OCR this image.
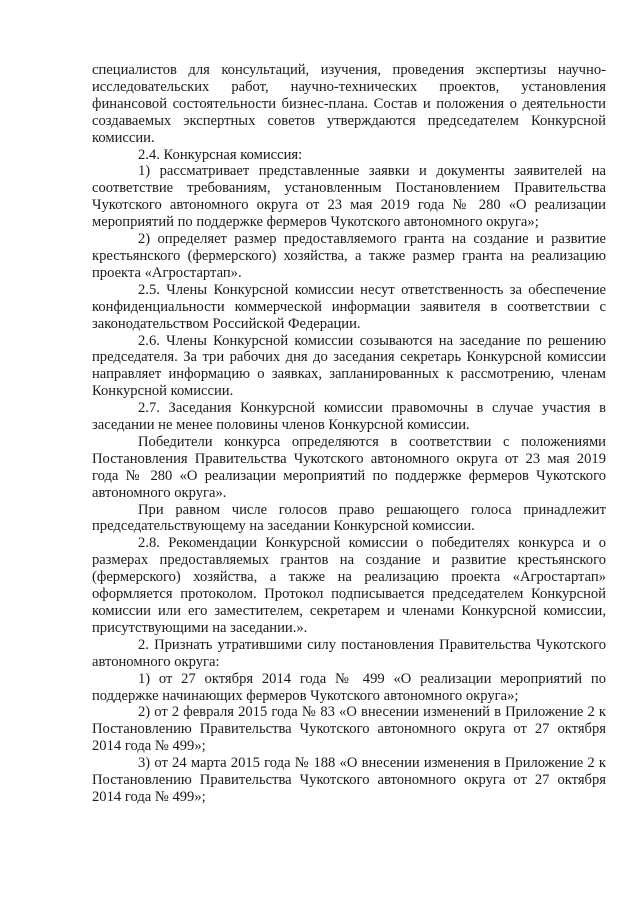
специалистов для консультаций, изучения, проведения экспертизы научно-исследовательских работ, научно-технических проектов, установления финансовой состоятельности бизнес-плана. Состав и положения о деятельности создаваемых экспертных советов утверждаются председателем Конкурсной комиссии.

2.4. Конкурсная комиссия:

1) рассматривает представленные заявки и документы заявителей на соответствие требованиям, установленным Постановлением Правительства Чукотского автономного округа от 23 мая 2019 года № 280 «О реализации мероприятий по поддержке фермеров Чукотского автономного округа»;

2) определяет размер предоставляемого гранта на создание и развитие крестьянского (фермерского) хозяйства, а также размер гранта на реализацию проекта «Агростартап».

2.5. Члены Конкурсной комиссии несут ответственность за обеспечение конфиденциальности коммерческой информации заявителя в соответствии с законодательством Российской Федерации.

2.6. Члены Конкурсной комиссии созываются на заседание по решению председателя. За три рабочих дня до заседания секретарь Конкурсной комиссии направляет информацию о заявках, запланированных к рассмотрению, членам Конкурсной комиссии.

2.7. Заседания Конкурсной комиссии правомочны в случае участия в заседании не менее половины членов Конкурсной комиссии.

Победители конкурса определяются в соответствии с положениями Постановления Правительства Чукотского автономного округа от 23 мая 2019 года № 280 «О реализации мероприятий по поддержке фермеров Чукотского автономного округа».

При равном числе голосов право решающего голоса принадлежит председательствующему на заседании Конкурсной комиссии.

2.8. Рекомендации Конкурсной комиссии о победителях конкурса и о размерах предоставляемых грантов на создание и развитие крестьянского (фермерского) хозяйства, а также на реализацию проекта «Агростартап» оформляется протоколом. Протокол подписывается председателем Конкурсной комиссии или его заместителем, секретарем и членами Конкурсной комиссии, присутствующими на заседании.».

2. Признать утратившими силу постановления Правительства Чукотского автономного округа:

1) от 27 октября 2014 года № 499 «О реализации мероприятий по поддержке начинающих фермеров Чукотского автономного округа»;

2) от 2 февраля 2015 года № 83 «О внесении изменений в Приложение 2 к Постановлению Правительства Чукотского автономного округа от 27 октября 2014 года № 499»;

3) от 24 марта 2015 года № 188 «О внесении изменения в Приложение 2 к Постановлению Правительства Чукотского автономного округа от 27 октября 2014 года № 499»;
